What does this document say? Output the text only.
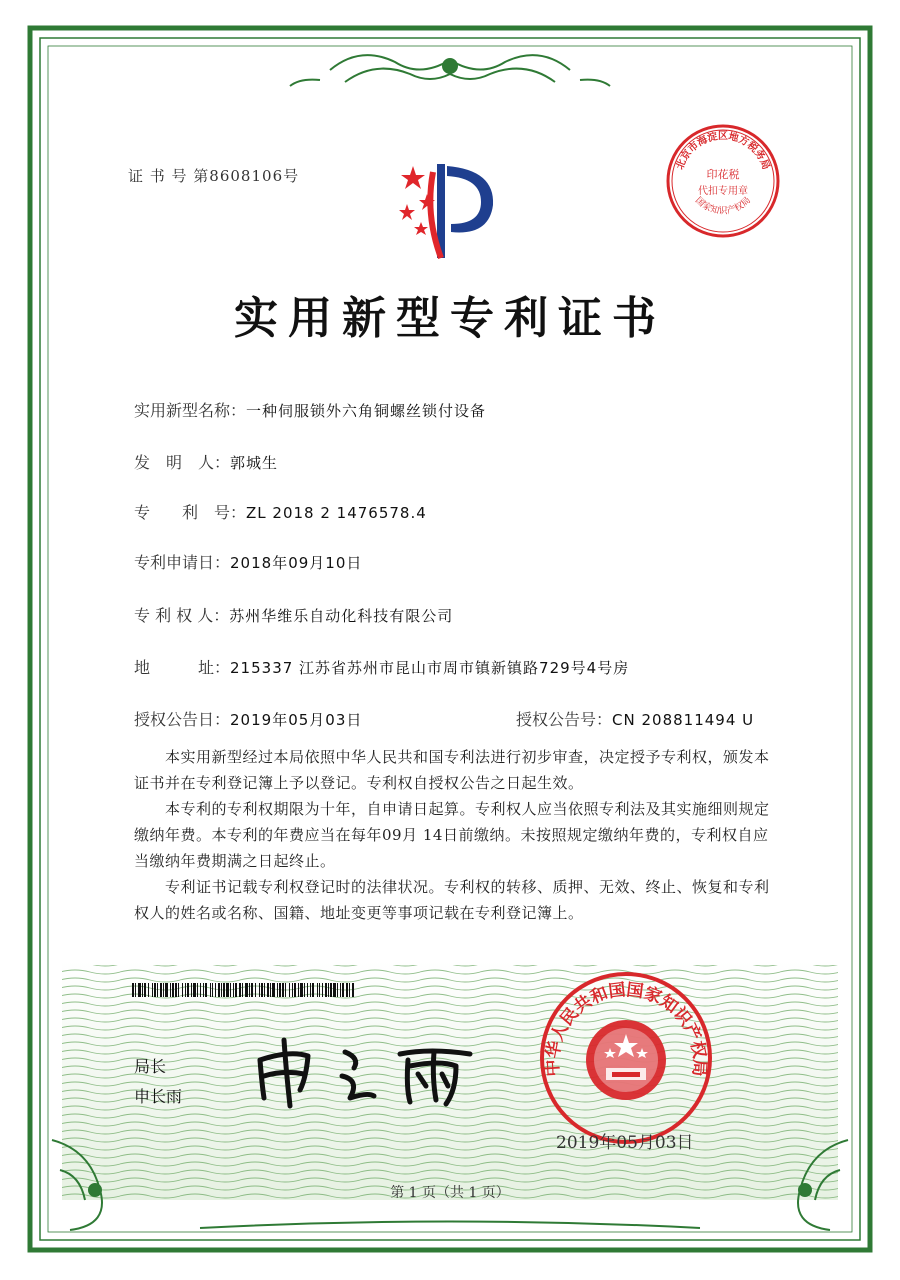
证 书 号 第8608106号
北京市海淀区地方税务局
国家知识产权局
印花税
代扣专用章
实用新型专利证书
实用新型名称：一种伺服锁外六角铜螺丝锁付设备
发　明　人：郭城生
专　　利　号：ZL 2018 2 1476578.4
专利申请日：2018年09月10日
专 利 权 人：苏州华维乐自动化科技有限公司
地　　　址：215337 江苏省苏州市昆山市周市镇新镇路729号4号房
授权公告日：2019年05月03日	授权公告号：CN 208811494 U
　　本实用新型经过本局依照中华人民共和国专利法进行初步审查，决定授予专利权，颁发本证书并在专利登记簿上予以登记。专利权自授权公告之日起生效。
　　本专利的专利权期限为十年，自申请日起算。专利权人应当依照专利法及其实施细则规定缴纳年费。本专利的年费应当在每年09月 14日前缴纳。未按照规定缴纳年费的，专利权自应当缴纳年费期满之日起终止。
　　专利证书记载专利权登记时的法律状况。专利权的转移、质押、无效、终止、恢复和专利权人的姓名或名称、国籍、地址变更等事项记载在专利登记簿上。
局长
申长雨
中华人民共和国国家知识产权局
2019年05月03日
第 1 页（共 1 页）
